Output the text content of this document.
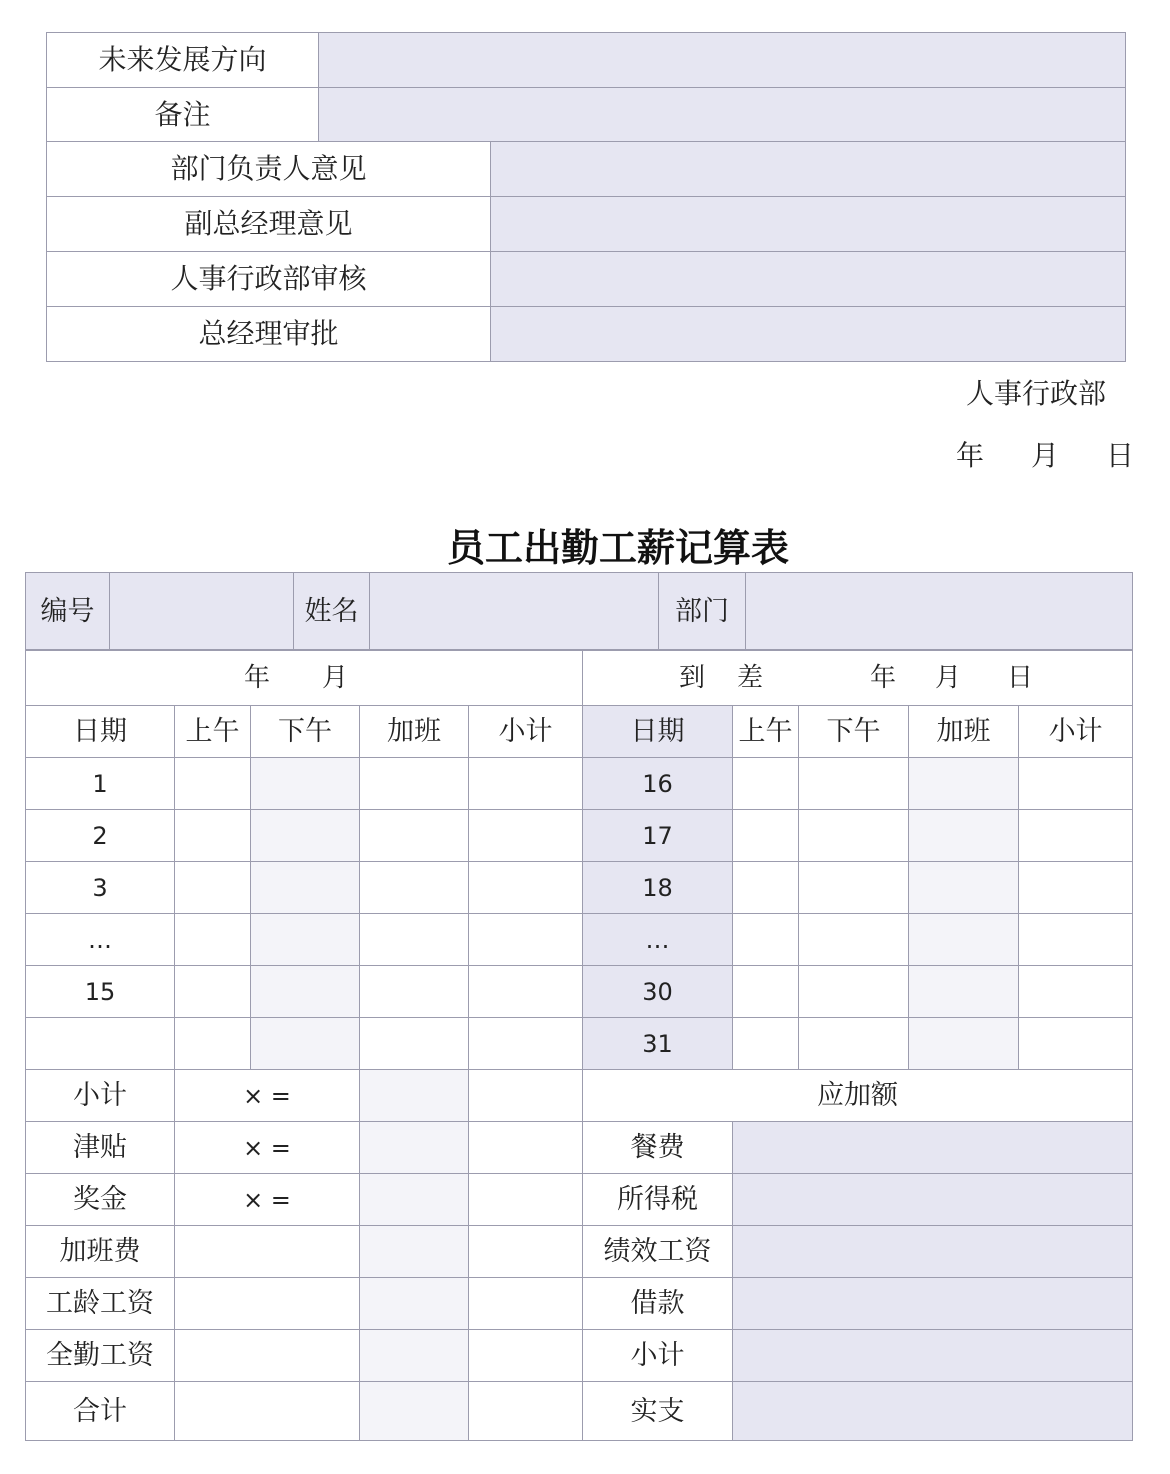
未来发展方向		
备注		
部门负责人意见		
副总经理意见		
人事行政部审核		
总经理审批		
人事行政部
年 月 日
员工出勤工薪记算表
编号		姓名		部门	
年 月					到 差 年 月 日				
日期	上午	下午	加班	小计	日期	上午	下午	加班	小计
1					16				
2					17				
3					18				
…					…				
15					30				
					31				
小计	× =				应加额				
津贴	× =				餐费				
奖金	× =				所得税				
加班费					绩效工资				
工龄工资					借款				
全勤工资					小计				
合计					实支				
